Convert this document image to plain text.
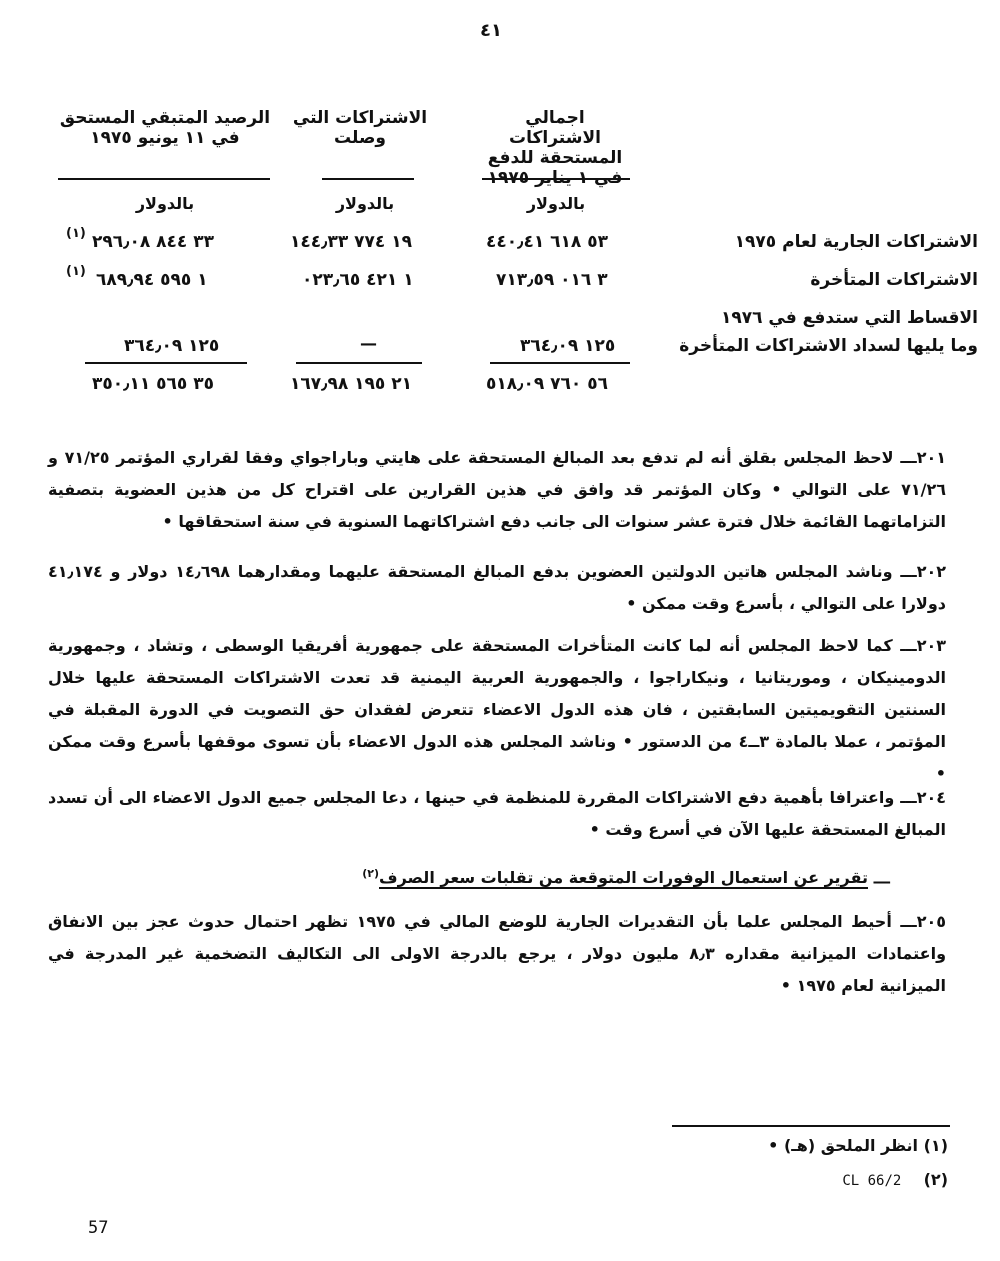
٤١
اجمالي الاشتراكات المستحقة للدفع في ١ يناير ١٩٧٥
الاشتراكات التي وصلت
الرصيد المتبقي المستحق في ١١ يونيو ١٩٧٥
بالدولار
بالدولار
بالدولار
الاشتراكات الجارية لعام ١٩٧٥
٥٣ ٦١٨ ٤٤٠٫٤١
١٩ ٧٧٤ ١٤٤٫٣٣
٣٣ ٨٤٤ ٢٩٦٫٠٨
(١)
الاشتراكات المتأخرة
٣ ٠١٦ ٧١٣٫٥٩
١ ٤٢١ ٠٢٣٫٦٥
١ ٥٩٥ ٦٨٩٫٩٤
(١)
الاقساط التي ستدفع في ١٩٧٦
وما يليها لسداد الاشتراكات المتأخرة
١٢٥ ٣٦٤٫٠٩
—
١٢٥ ٣٦٤٫٠٩
٥٦ ٧٦٠ ٥١٨٫٠٩
٢١ ١٩٥ ١٦٧٫٩٨
٣٥ ٥٦٥ ٣٥٠٫١١
٢٠١ـــ لاحظ المجلس بقلق أنه لم تدفع بعد المبالغ المستحقة على هايتي وباراجواي وفقا لقراري المؤتمر ٧١/٢٥ و ٧١/٢٦ على التوالي • وكان المؤتمر قد وافق في هذين القرارين على اقتراح كل من هذين العضوية بتصفية التزاماتهما القائمة خلال فترة عشر سنوات الى جانب دفع اشتراكاتهما السنوية في سنة استحقاقها •
٢٠٢ـــ وناشد المجلس هاتين الدولتين العضوين بدفع المبالغ المستحقة عليهما ومقدارهما ١٤٫٦٩٨ دولار و ٤١٫١٧٤ دولارا على التوالي ، بأسرع وقت ممكن •
٢٠٣ـــ كما لاحظ المجلس أنه لما كانت المتأخرات المستحقة على جمهورية أفريقيا الوسطى ، وتشاد ، وجمهورية الدومينيكان ، وموريتانيا ، ونيكاراجوا ، والجمهورية العربية اليمنية قد تعدت الاشتراكات المستحقة عليها خلال السنتين التقويميتين السابقتين ، فان هذه الدول الاعضاء تتعرض لفقدان حق التصويت في الدورة المقبلة في المؤتمر ، عملا بالمادة ٣ــ٤ من الدستور • وناشد المجلس هذه الدول الاعضاء بأن تسوى موقفها بأسرع وقت ممكن •
٢٠٤ـــ واعترافا بأهمية دفع الاشتراكات المقررة للمنظمة في حينها ، دعا المجلس جميع الدول الاعضاء الى أن تسدد المبالغ المستحقة عليها الآن في أسرع وقت •
ـــ تقرير عن استعمال الوفورات المتوقعة من تقلبات سعر الصرف$^{(٢)}$
٢٠٥ـــ أحيط المجلس علما بأن التقديرات الجارية للوضع المالي في ١٩٧٥ تظهر احتمال حدوث عجز بين الانفاق واعتمادات الميزانية مقداره ٨٫٣ مليون دولار ، يرجع بالدرجة الاولى الى التكاليف التضخمية غير المدرجة في الميزانية لعام ١٩٧٥ •
(١) انظر الملحق (هـ) •
CL 66/2 (٢)
57
